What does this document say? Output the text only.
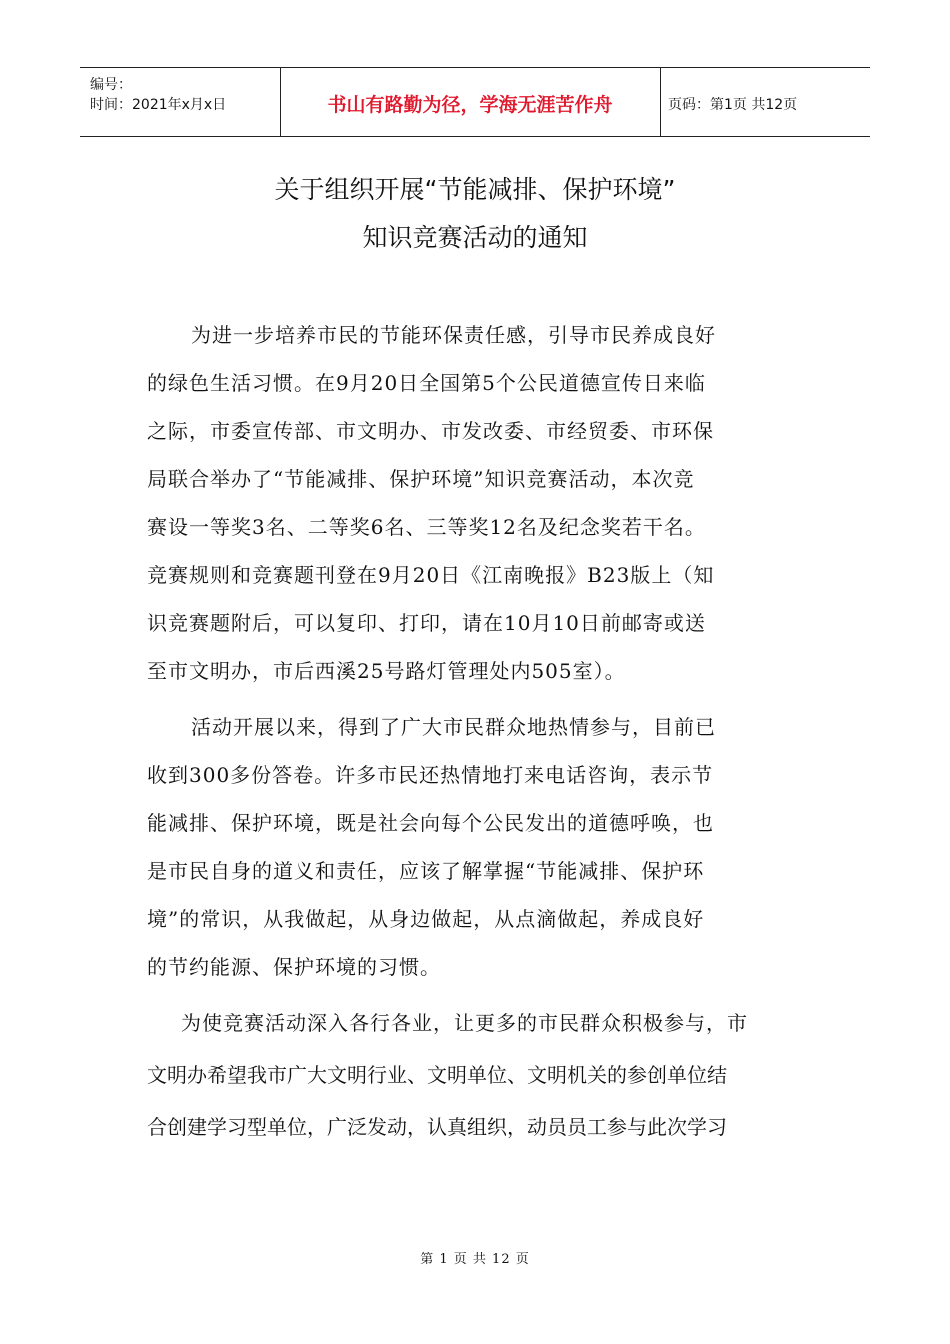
编号：
时间：2021年x月x日	书山有路勤为径，学海无涯苦作舟	页码：第1页 共12页
关于组织开展“节能减排、保护环境”
知识竞赛活动的通知
为进一步培养市民的节能环保责任感，引导市民养成良好
的绿色生活习惯。在9月20日全国第5个公民道德宣传日来临
之际，市委宣传部、市文明办、市发改委、市经贸委、市环保
局联合举办了“节能减排、保护环境”知识竞赛活动，本次竞
赛设一等奖3名、二等奖6名、三等奖12名及纪念奖若干名。
竞赛规则和竞赛题刊登在9月20日《江南晚报》B23版上（知
识竞赛题附后，可以复印、打印，请在10月10日前邮寄或送
至市文明办，市后西溪25号路灯管理处内505室）。
活动开展以来，得到了广大市民群众地热情参与，目前已
收到300多份答卷。许多市民还热情地打来电话咨询，表示节
能减排、保护环境，既是社会向每个公民发出的道德呼唤，也
是市民自身的道义和责任，应该了解掌握“节能减排、保护环
境”的常识，从我做起，从身边做起，从点滴做起，养成良好
的节约能源、保护环境的习惯。
为使竞赛活动深入各行各业，让更多的市民群众积极参与，市
文明办希望我市广大文明行业、文明单位、文明机关的参创单位结
合创建学习型单位，广泛发动，认真组织，动员员工参与此次学习
第 1 页 共 12 页
